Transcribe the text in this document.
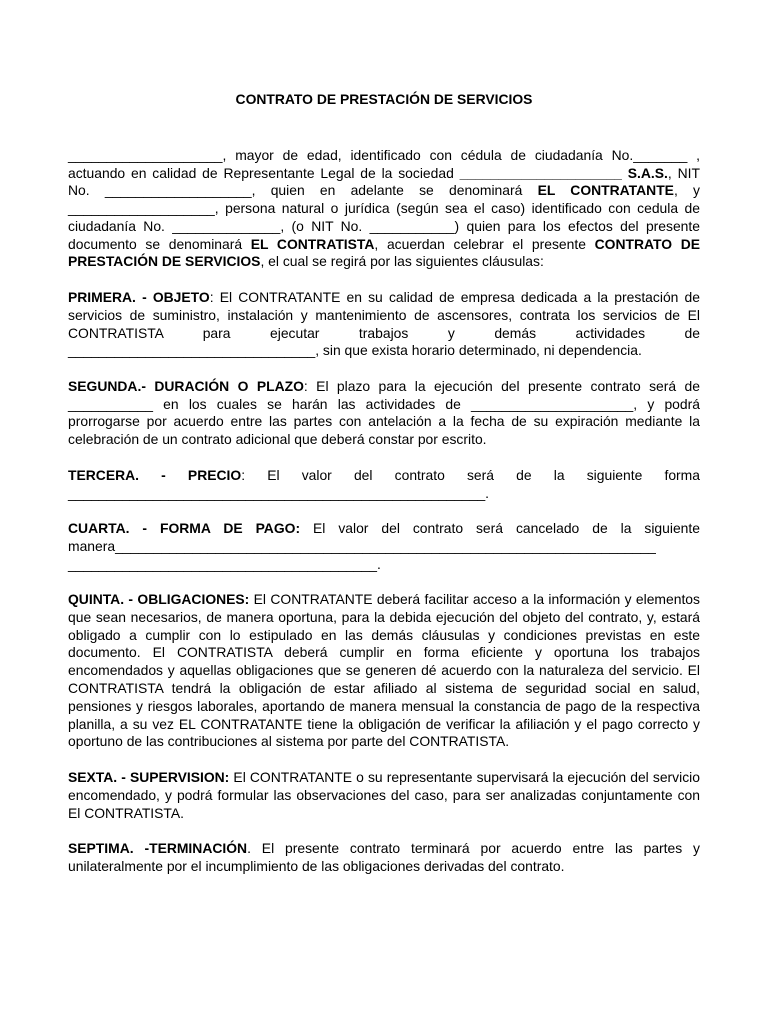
CONTRATO DE PRESTACIÓN DE SERVICIOS

____________________, mayor de edad, identificado con cédula de ciudadanía No._______ , actuando en calidad de Representante Legal de la sociedad _____________________ S.A.S., NIT No. ___________________, quien en adelante se denominará EL CONTRATANTE, y ___________________, persona natural o jurídica (según sea el caso) identificado con cedula de ciudadanía No. ______________, (o NIT No. ___________) quien para los efectos del presente documento se denominará EL CONTRATISTA, acuerdan celebrar el presente CONTRATO DE PRESTACIÓN DE SERVICIOS, el cual se regirá por las siguientes cláusulas:

PRIMERA. - OBJETO: El CONTRATANTE en su calidad de empresa dedicada a la prestación de servicios de suministro, instalación y mantenimiento de ascensores, contrata los servicios de El CONTRATISTA para ejecutar trabajos y demás actividades de ________________________________, sin que exista horario determinado, ni dependencia.

SEGUNDA.- DURACIÓN O PLAZO: El plazo para la ejecución del presente contrato será de ___________ en los cuales se harán las actividades de _____________________, y podrá prorrogarse por acuerdo entre las partes con antelación a la fecha de su expiración mediante la celebración de un contrato adicional que deberá constar por escrito.

TERCERA. - PRECIO: El valor del contrato será de la siguiente forma ______________________________________________________.

CUARTA. - FORMA DE PAGO: El valor del contrato será cancelado de la siguiente manera______________________________________________________________________ ________________________________________.

QUINTA. - OBLIGACIONES: El CONTRATANTE deberá facilitar acceso a la información y elementos que sean necesarios, de manera oportuna, para la debida ejecución del objeto del contrato, y, estará obligado a cumplir con lo estipulado en las demás cláusulas y condiciones previstas en este documento. El CONTRATISTA deberá cumplir en forma eficiente y oportuna los trabajos encomendados y aquellas obligaciones que se generen dé acuerdo con la naturaleza del servicio. El CONTRATISTA tendrá la obligación de estar afiliado al sistema de seguridad social en salud, pensiones y riesgos laborales, aportando de manera mensual la constancia de pago de la respectiva planilla, a su vez EL CONTRATANTE tiene la obligación de verificar la afiliación y el pago correcto y oportuno de las contribuciones al sistema por parte del CONTRATISTA.

SEXTA. - SUPERVISION: El CONTRATANTE o su representante supervisará la ejecución del servicio encomendado, y podrá formular las observaciones del caso, para ser analizadas conjuntamente con El CONTRATISTA.

SEPTIMA. -TERMINACIÓN. El presente contrato terminará por acuerdo entre las partes y unilateralmente por el incumplimiento de las obligaciones derivadas del contrato.
